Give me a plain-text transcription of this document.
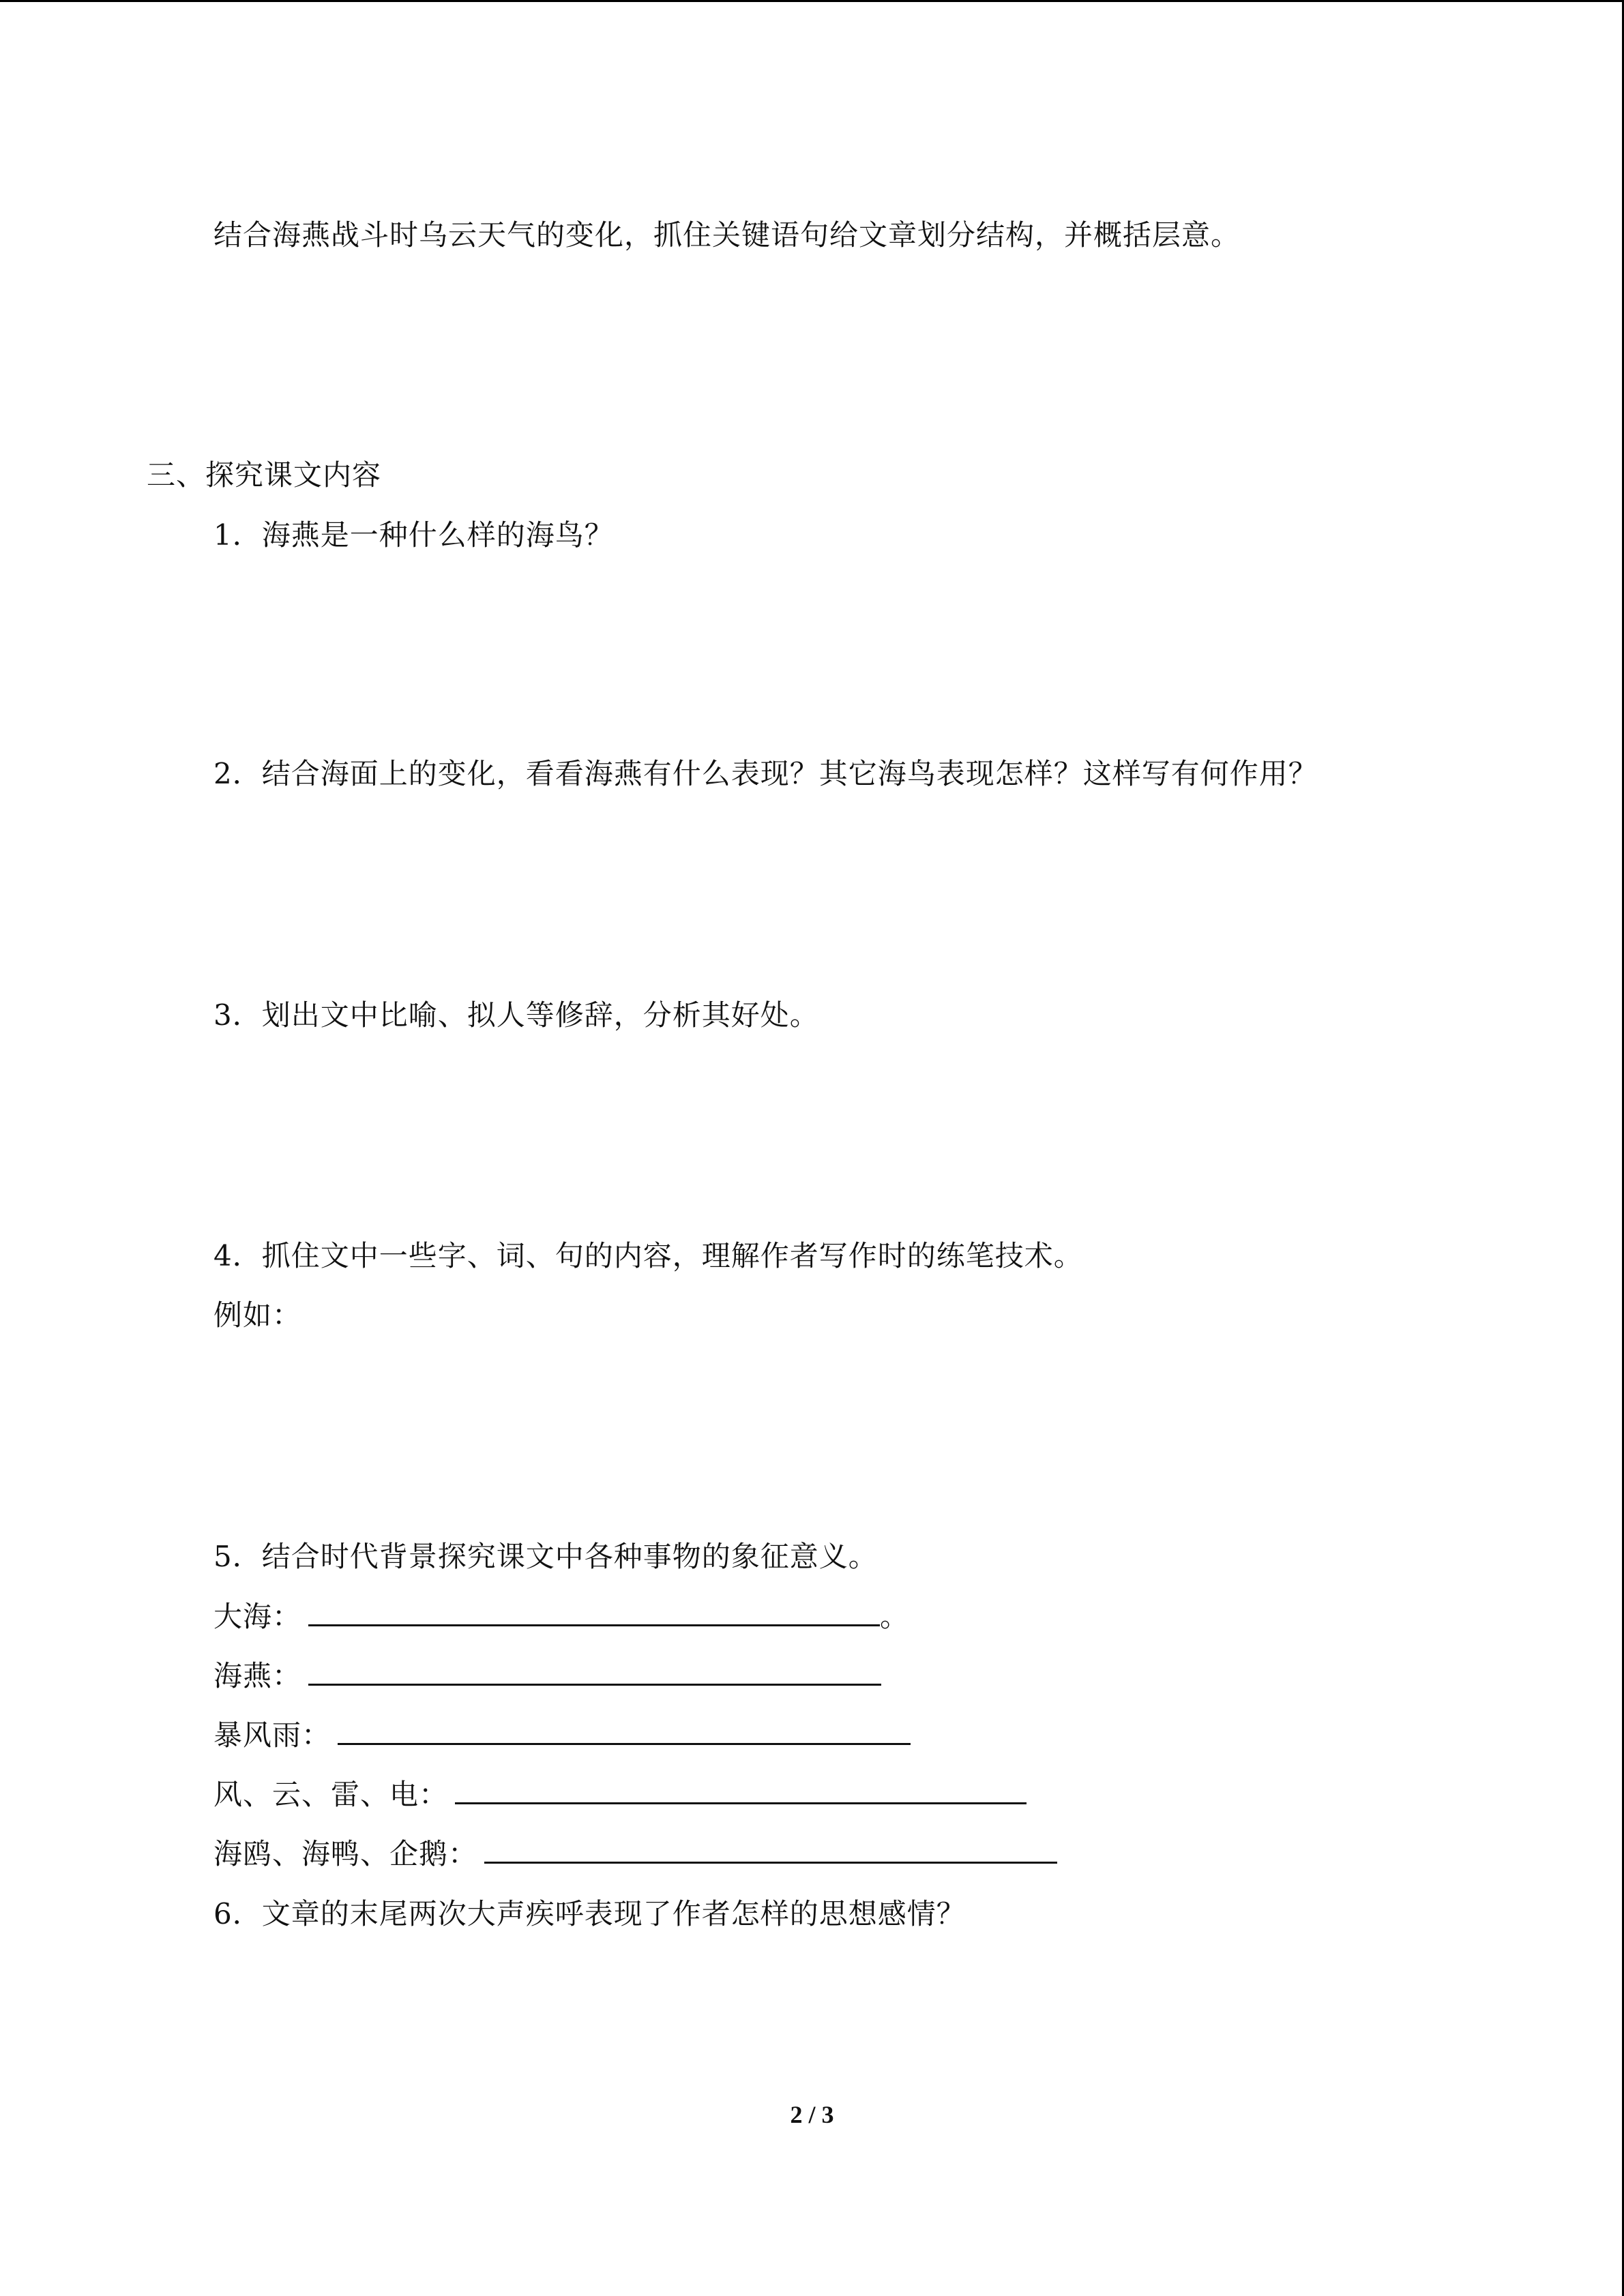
结合海燕战斗时乌云天气的变化，抓住关键语句给文章划分结构，并概括层意。
三、探究课文内容
1．海燕是一种什么样的海鸟？
2．结合海面上的变化，看看海燕有什么表现？其它海鸟表现怎样？这样写有何作用？
3．划出文中比喻、拟人等修辞，分析其好处。
4．抓住文中一些字、词、句的内容，理解作者写作时的练笔技术。
例如：
5．结合时代背景探究课文中各种事物的象征意义。
大海：	。
海燕：
暴风雨：
风、云、雷、电：
海鸥、海鸭、企鹅：
6．文章的末尾两次大声疾呼表现了作者怎样的思想感情？
2 / 3
